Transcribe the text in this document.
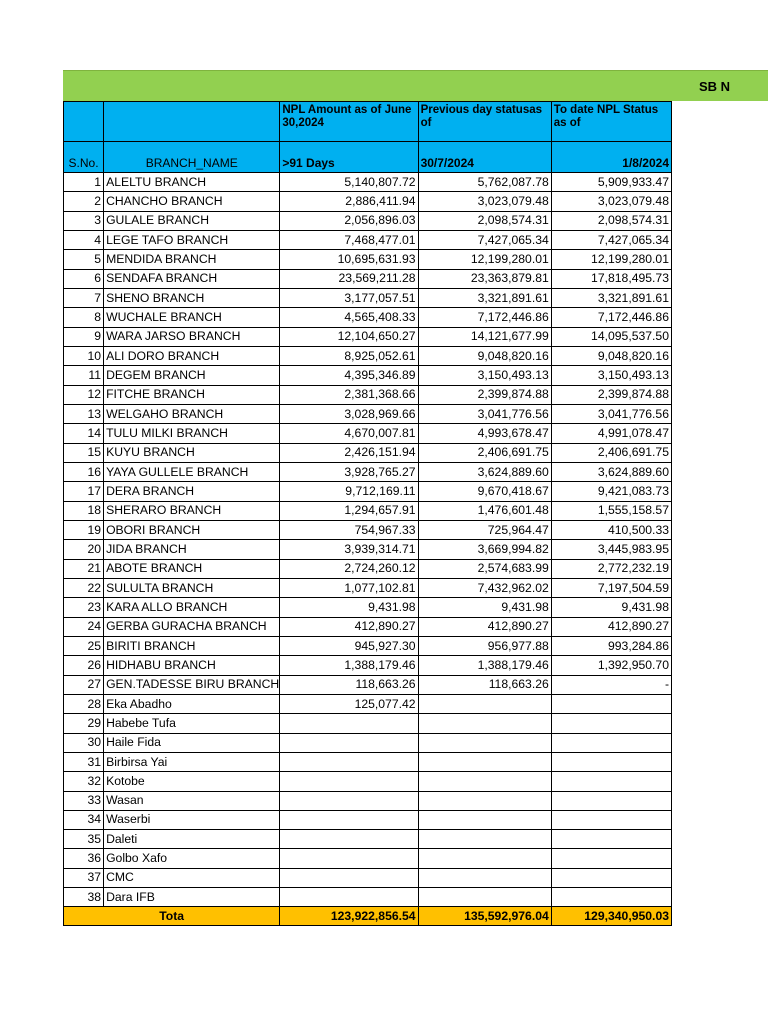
SB N
		NPL Amount as of June 30,2024	Previous day statusas of	To date NPL Status as of
S.No.	BRANCH_NAME	>91 Days	30/7/2024	1/8/2024
1	ALELTU BRANCH	5,140,807.72	5,762,087.78	5,909,933.47
2	CHANCHO BRANCH	2,886,411.94	3,023,079.48	3,023,079.48
3	GULALE BRANCH	2,056,896.03	2,098,574.31	2,098,574.31
4	LEGE TAFO BRANCH	7,468,477.01	7,427,065.34	7,427,065.34
5	MENDIDA BRANCH	10,695,631.93	12,199,280.01	12,199,280.01
6	SENDAFA BRANCH	23,569,211.28	23,363,879.81	17,818,495.73
7	SHENO BRANCH	3,177,057.51	3,321,891.61	3,321,891.61
8	WUCHALE BRANCH	4,565,408.33	7,172,446.86	7,172,446.86
9	WARA JARSO BRANCH	12,104,650.27	14,121,677.99	14,095,537.50
10	ALI DORO BRANCH	8,925,052.61	9,048,820.16	9,048,820.16
11	DEGEM BRANCH	4,395,346.89	3,150,493.13	3,150,493.13
12	FITCHE BRANCH	2,381,368.66	2,399,874.88	2,399,874.88
13	WELGAHO BRANCH	3,028,969.66	3,041,776.56	3,041,776.56
14	TULU MILKI BRANCH	4,670,007.81	4,993,678.47	4,991,078.47
15	KUYU BRANCH	2,426,151.94	2,406,691.75	2,406,691.75
16	YAYA GULLELE BRANCH	3,928,765.27	3,624,889.60	3,624,889.60
17	DERA BRANCH	9,712,169.11	9,670,418.67	9,421,083.73
18	SHERARO BRANCH	1,294,657.91	1,476,601.48	1,555,158.57
19	OBORI BRANCH	754,967.33	725,964.47	410,500.33
20	JIDA BRANCH	3,939,314.71	3,669,994.82	3,445,983.95
21	ABOTE BRANCH	2,724,260.12	2,574,683.99	2,772,232.19
22	SULULTA BRANCH	1,077,102.81	7,432,962.02	7,197,504.59
23	KARA ALLO BRANCH	9,431.98	9,431.98	9,431.98
24	GERBA GURACHA BRANCH	412,890.27	412,890.27	412,890.27
25	BIRITI BRANCH	945,927.30	956,977.88	993,284.86
26	HIDHABU BRANCH	1,388,179.46	1,388,179.46	1,392,950.70
27	GEN.TADESSE BIRU BRANCH	118,663.26	118,663.26	-
28	Eka Abadho	125,077.42		
29	Habebe Tufa			
30	Haile Fida			
31	Birbirsa Yai			
32	Kotobe			
33	Wasan			
34	Waserbi			
35	Daleti			
36	Golbo Xafo			
37	CMC			
38	Dara IFB			
Tota		123,922,856.54	135,592,976.04	129,340,950.03
